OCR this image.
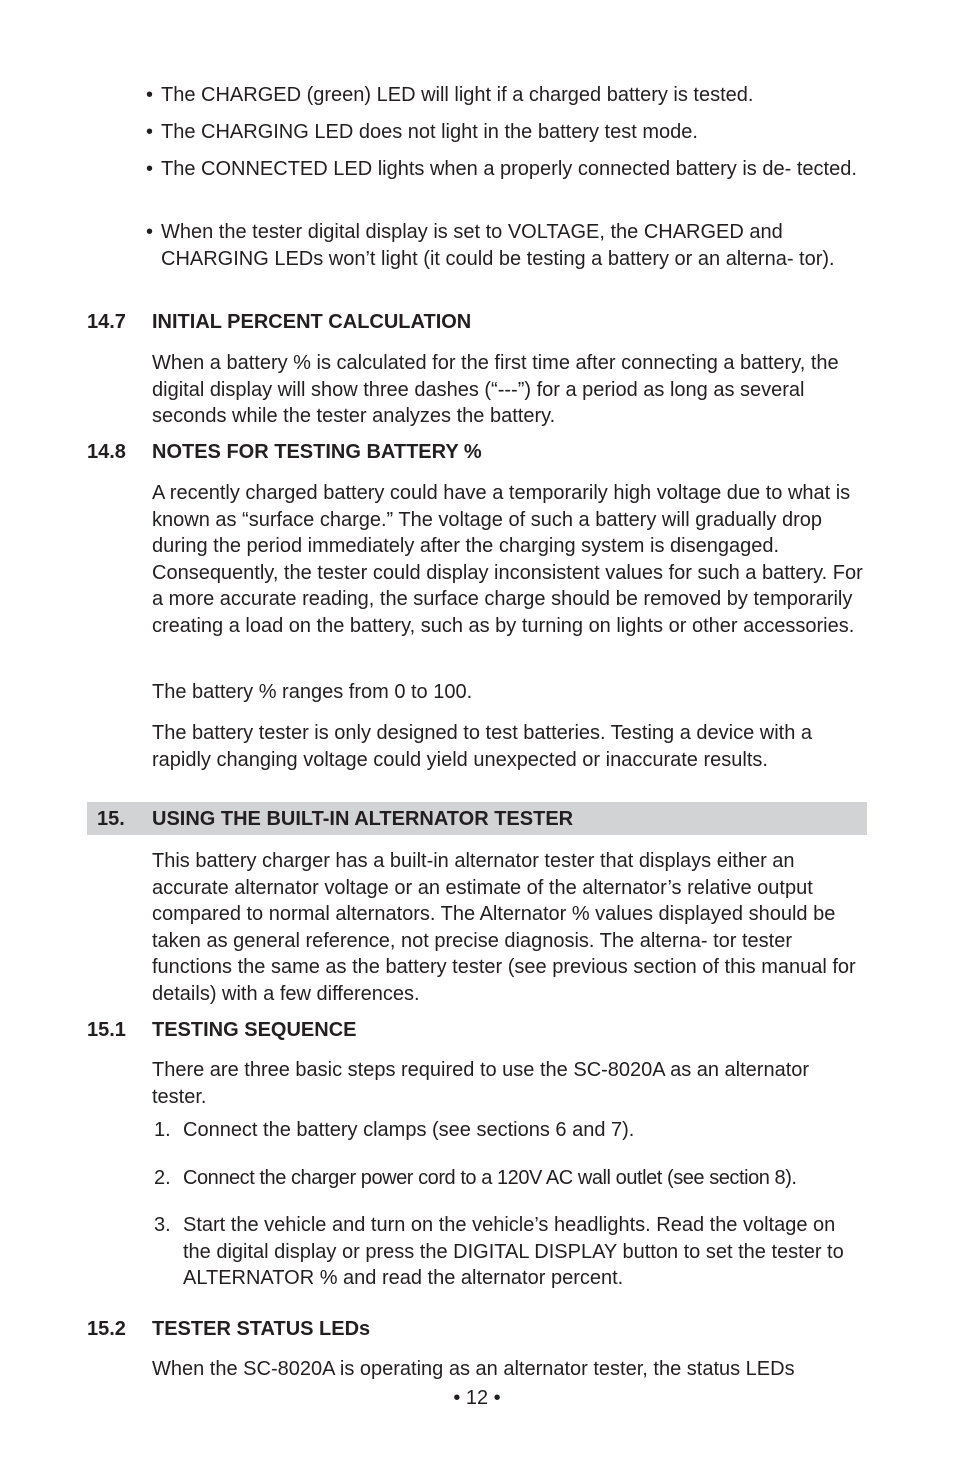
• The CHARGED (green) LED will light if a charged battery is tested.
• The CHARGING LED does not light in the battery test mode.
• The CONNECTED LED lights when a properly connected battery is de- tected.
• When the tester digital display is set to VOLTAGE, the CHARGED and CHARGING LEDs won’t light (it could be testing a battery or an alterna- tor).
14.7 INITIAL PERCENT CALCULATION

When a battery % is calculated for the first time after connecting a battery, the digital display will show three dashes (“---”) for a period as long as several seconds while the tester analyzes the battery.

14.8 NOTES FOR TESTING BATTERY %

A recently charged battery could have a temporarily high voltage due to what is known as “surface charge.” The voltage of such a battery will gradually drop during the period immediately after the charging system is disengaged. Consequently, the tester could display inconsistent values for such a battery. For a more accurate reading, the surface charge should be removed by temporarily creating a load on the battery, such as by turning on lights or other accessories.

The battery % ranges from 0 to 100.

The battery tester is only designed to test batteries. Testing a device with a rapidly changing voltage could yield unexpected or inaccurate results.

15. USING THE BUILT-IN ALTERNATOR TESTER

This battery charger has a built-in alternator tester that displays either an accurate alternator voltage or an estimate of the alternator’s relative output compared to normal alternators. The Alternator % values displayed should be taken as general reference, not precise diagnosis. The alterna- tor tester functions the same as the battery tester (see previous section of this manual for details) with a few differences.

15.1 TESTING SEQUENCE

There are three basic steps required to use the SC-8020A as an alternator tester.

1. Connect the battery clamps (see sections 6 and 7).
2. Connect the charger power cord to a 120V AC wall outlet (see section 8).
3. Start the vehicle and turn on the vehicle’s headlights. Read the voltage on the digital display or press the DIGITAL DISPLAY button to set the tester to ALTERNATOR % and read the alternator percent.
15.2 TESTER STATUS LEDs

When the SC-8020A is operating as an alternator tester, the status LEDs

• 12 •
